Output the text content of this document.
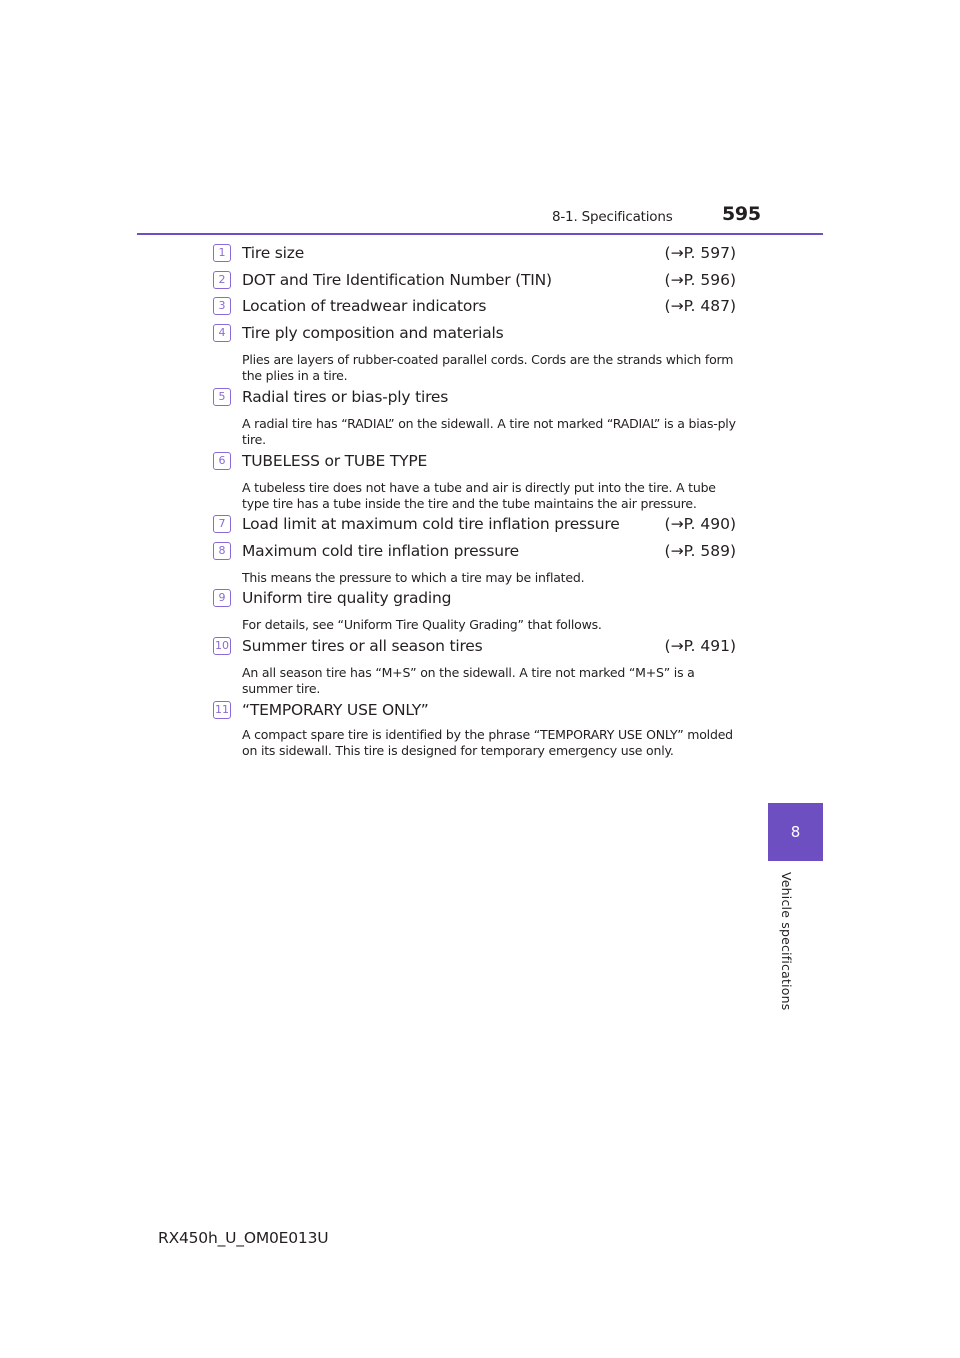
8-1. Specifications	595
8
Vehicle specifications
1	Tire size	(→P. 597)
2	DOT and Tire Identification Number (TIN)	(→P. 596)
3	Location of treadwear indicators	(→P. 487)
4	Tire ply composition and materials
Plies are layers of rubber-coated parallel cords. Cords are the strands which form the plies in a tire.
5	Radial tires or bias-ply tires
A radial tire has “RADIAL” on the sidewall. A tire not marked “RADIAL” is a bias-ply tire.
6	TUBELESS or TUBE TYPE
A tubeless tire does not have a tube and air is directly put into the tire. A tube type tire has a tube inside the tire and the tube maintains the air pressure.
7	Load limit at maximum cold tire inflation pressure	(→P. 490)
8	Maximum cold tire inflation pressure	(→P. 589)
This means the pressure to which a tire may be inflated.
9	Uniform tire quality grading
For details, see “Uniform Tire Quality Grading” that follows.
10 Summer tires or all season tires	(→P. 491)
An all season tire has “M+S” on the sidewall. A tire not marked “M+S” is a summer tire.
11 “TEMPORARY USE ONLY”
A compact spare tire is identified by the phrase “TEMPORARY USE ONLY” molded on its sidewall. This tire is designed for temporary emergency use only.
RX450h_U_OM0E013U
